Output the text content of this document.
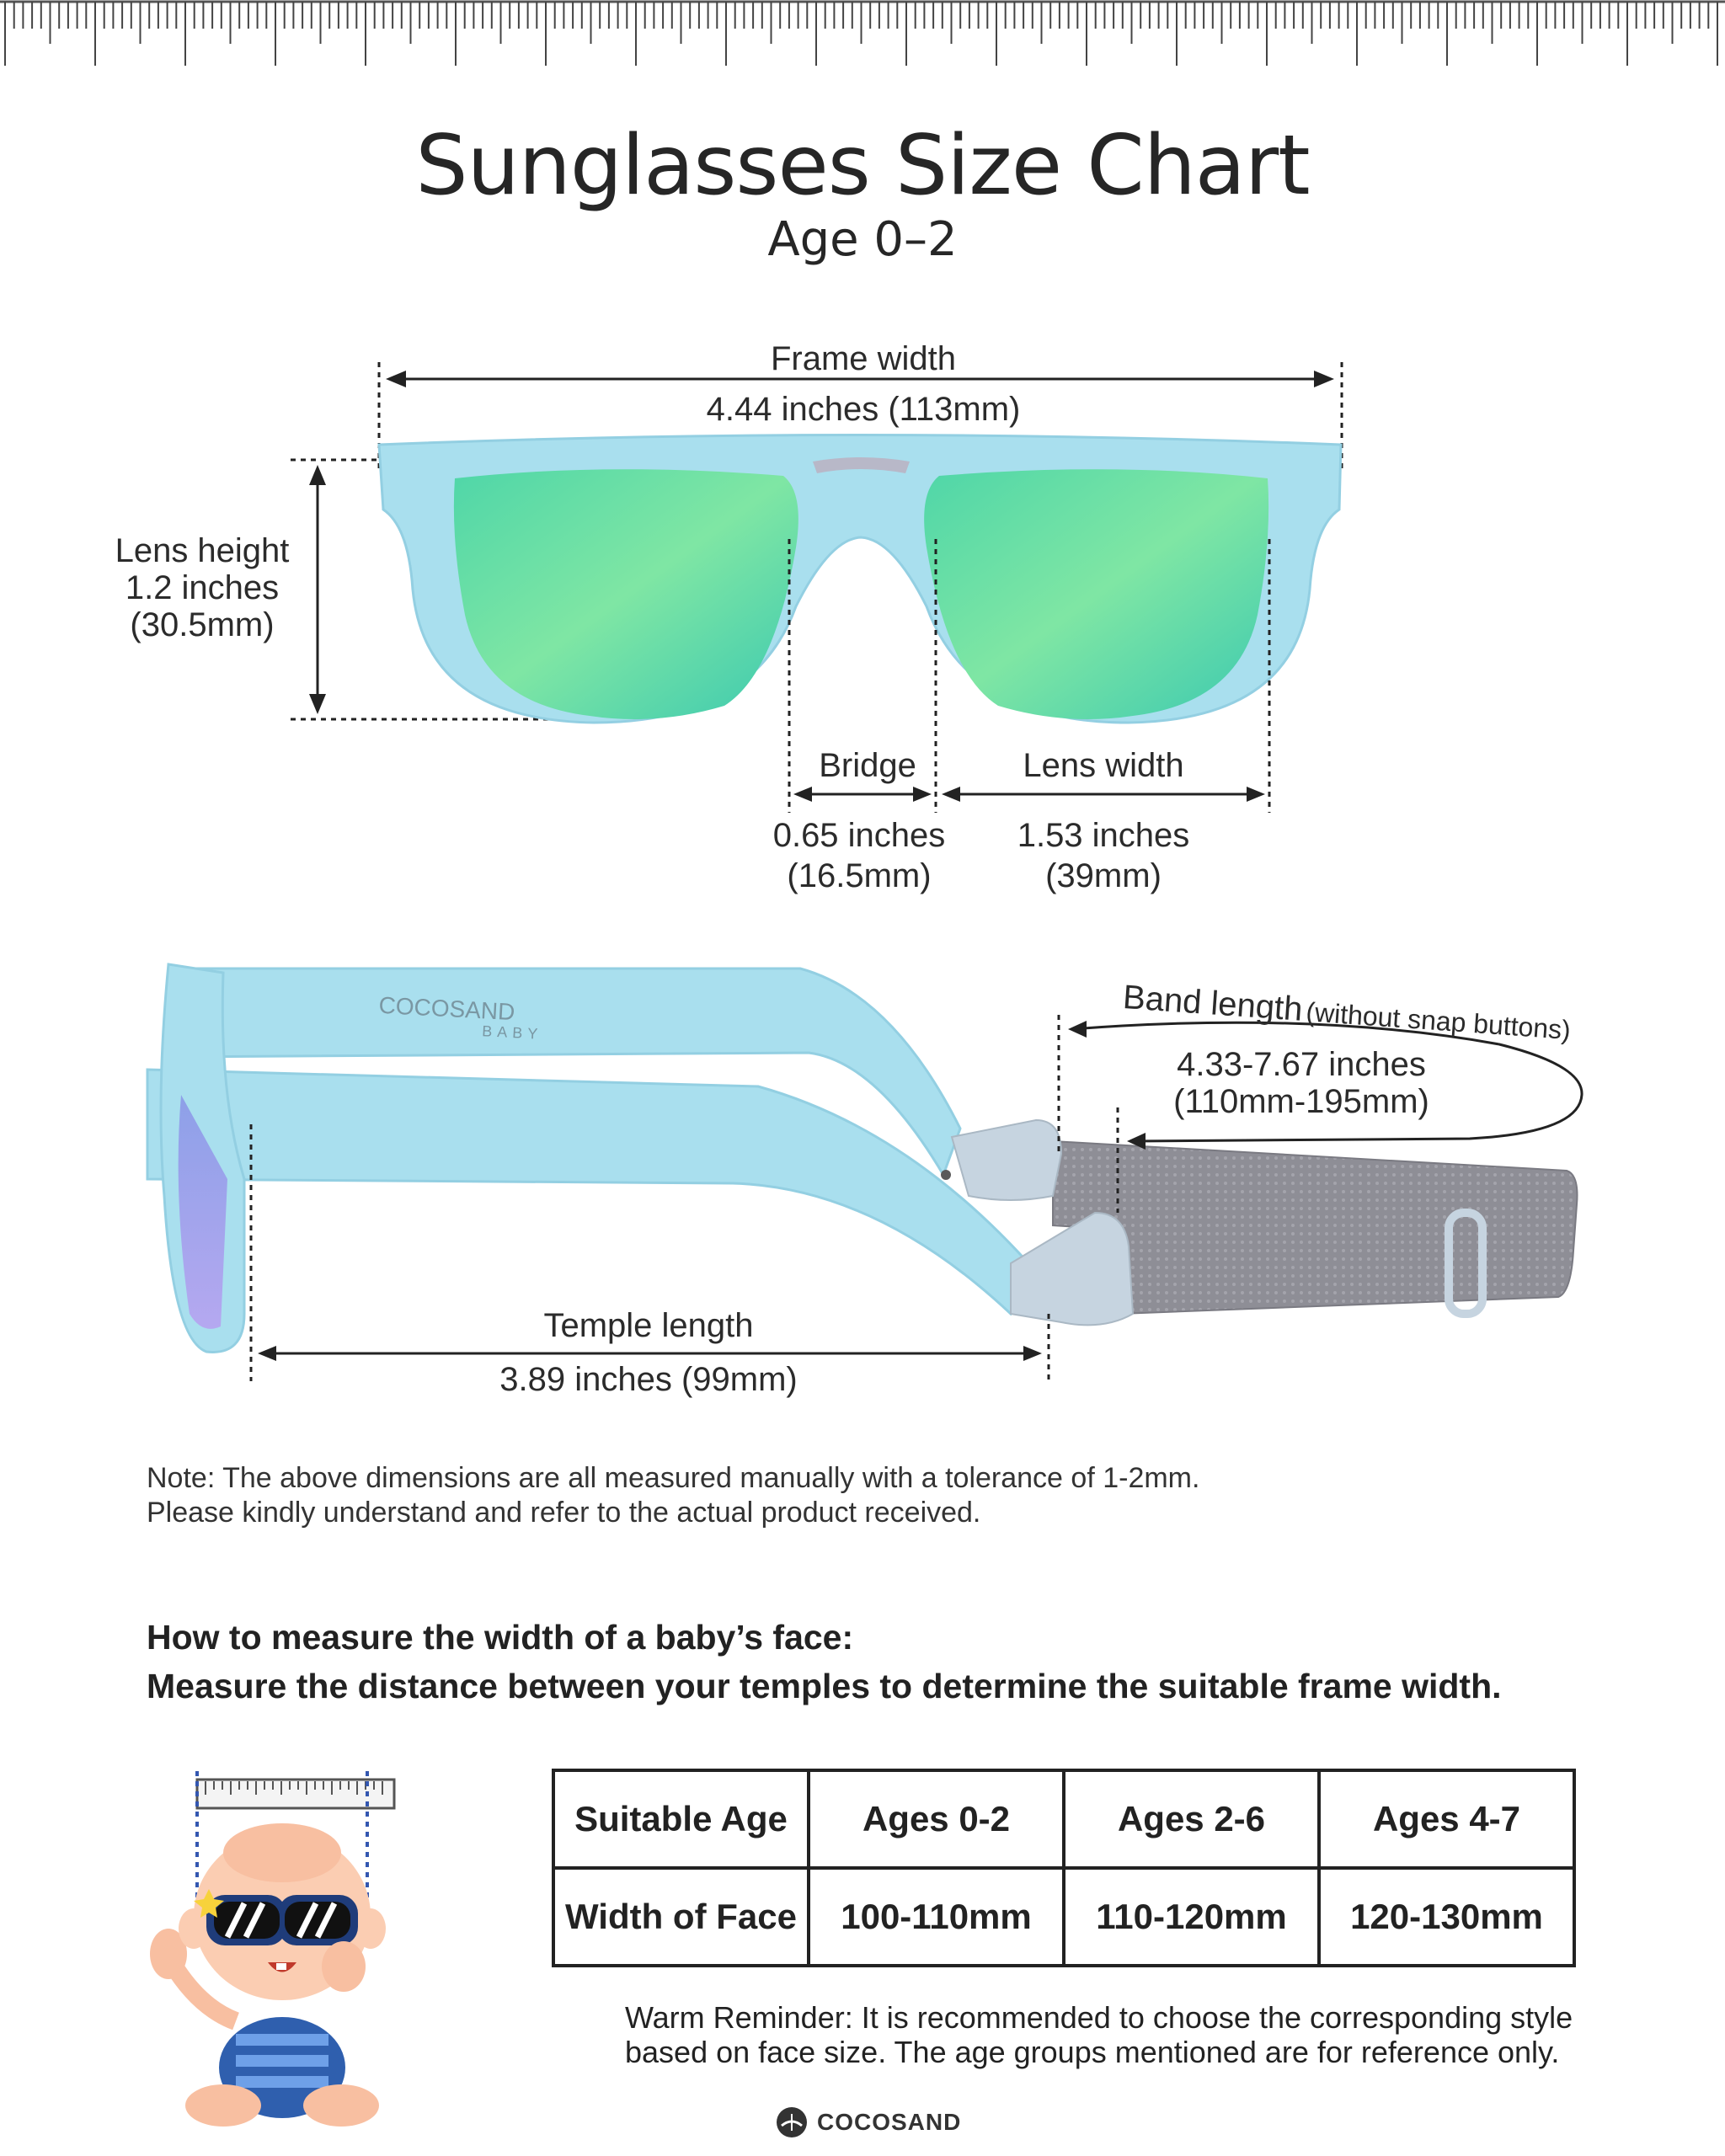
Sunglasses Size Chart
Age 0–2
Frame width
4.44 inches (113mm)
Lens height
1.2 inches
(30.5mm)
Bridge
0.65 inches
(16.5mm)
Lens width
1.53 inches
(39mm)
COCOSAND
BABY
Band length (without snap buttons)
4.33-7.67 inches
(110mm-195mm)
Temple length
3.89 inches (99mm)
Note: The above dimensions are all measured manually with a tolerance of 1-2mm.
Please kindly understand and refer to the actual product received.
How to measure the width of a baby’s face:
Measure the distance between your temples to determine the suitable frame width.
Suitable Age	Ages 0-2	Ages 2-6	Ages 4-7
Width of Face	100-110mm	110-120mm	120-130mm
Warm Reminder: It is recommended to choose the corresponding style
based on face size. The age groups mentioned are for reference only.
COCOSAND
